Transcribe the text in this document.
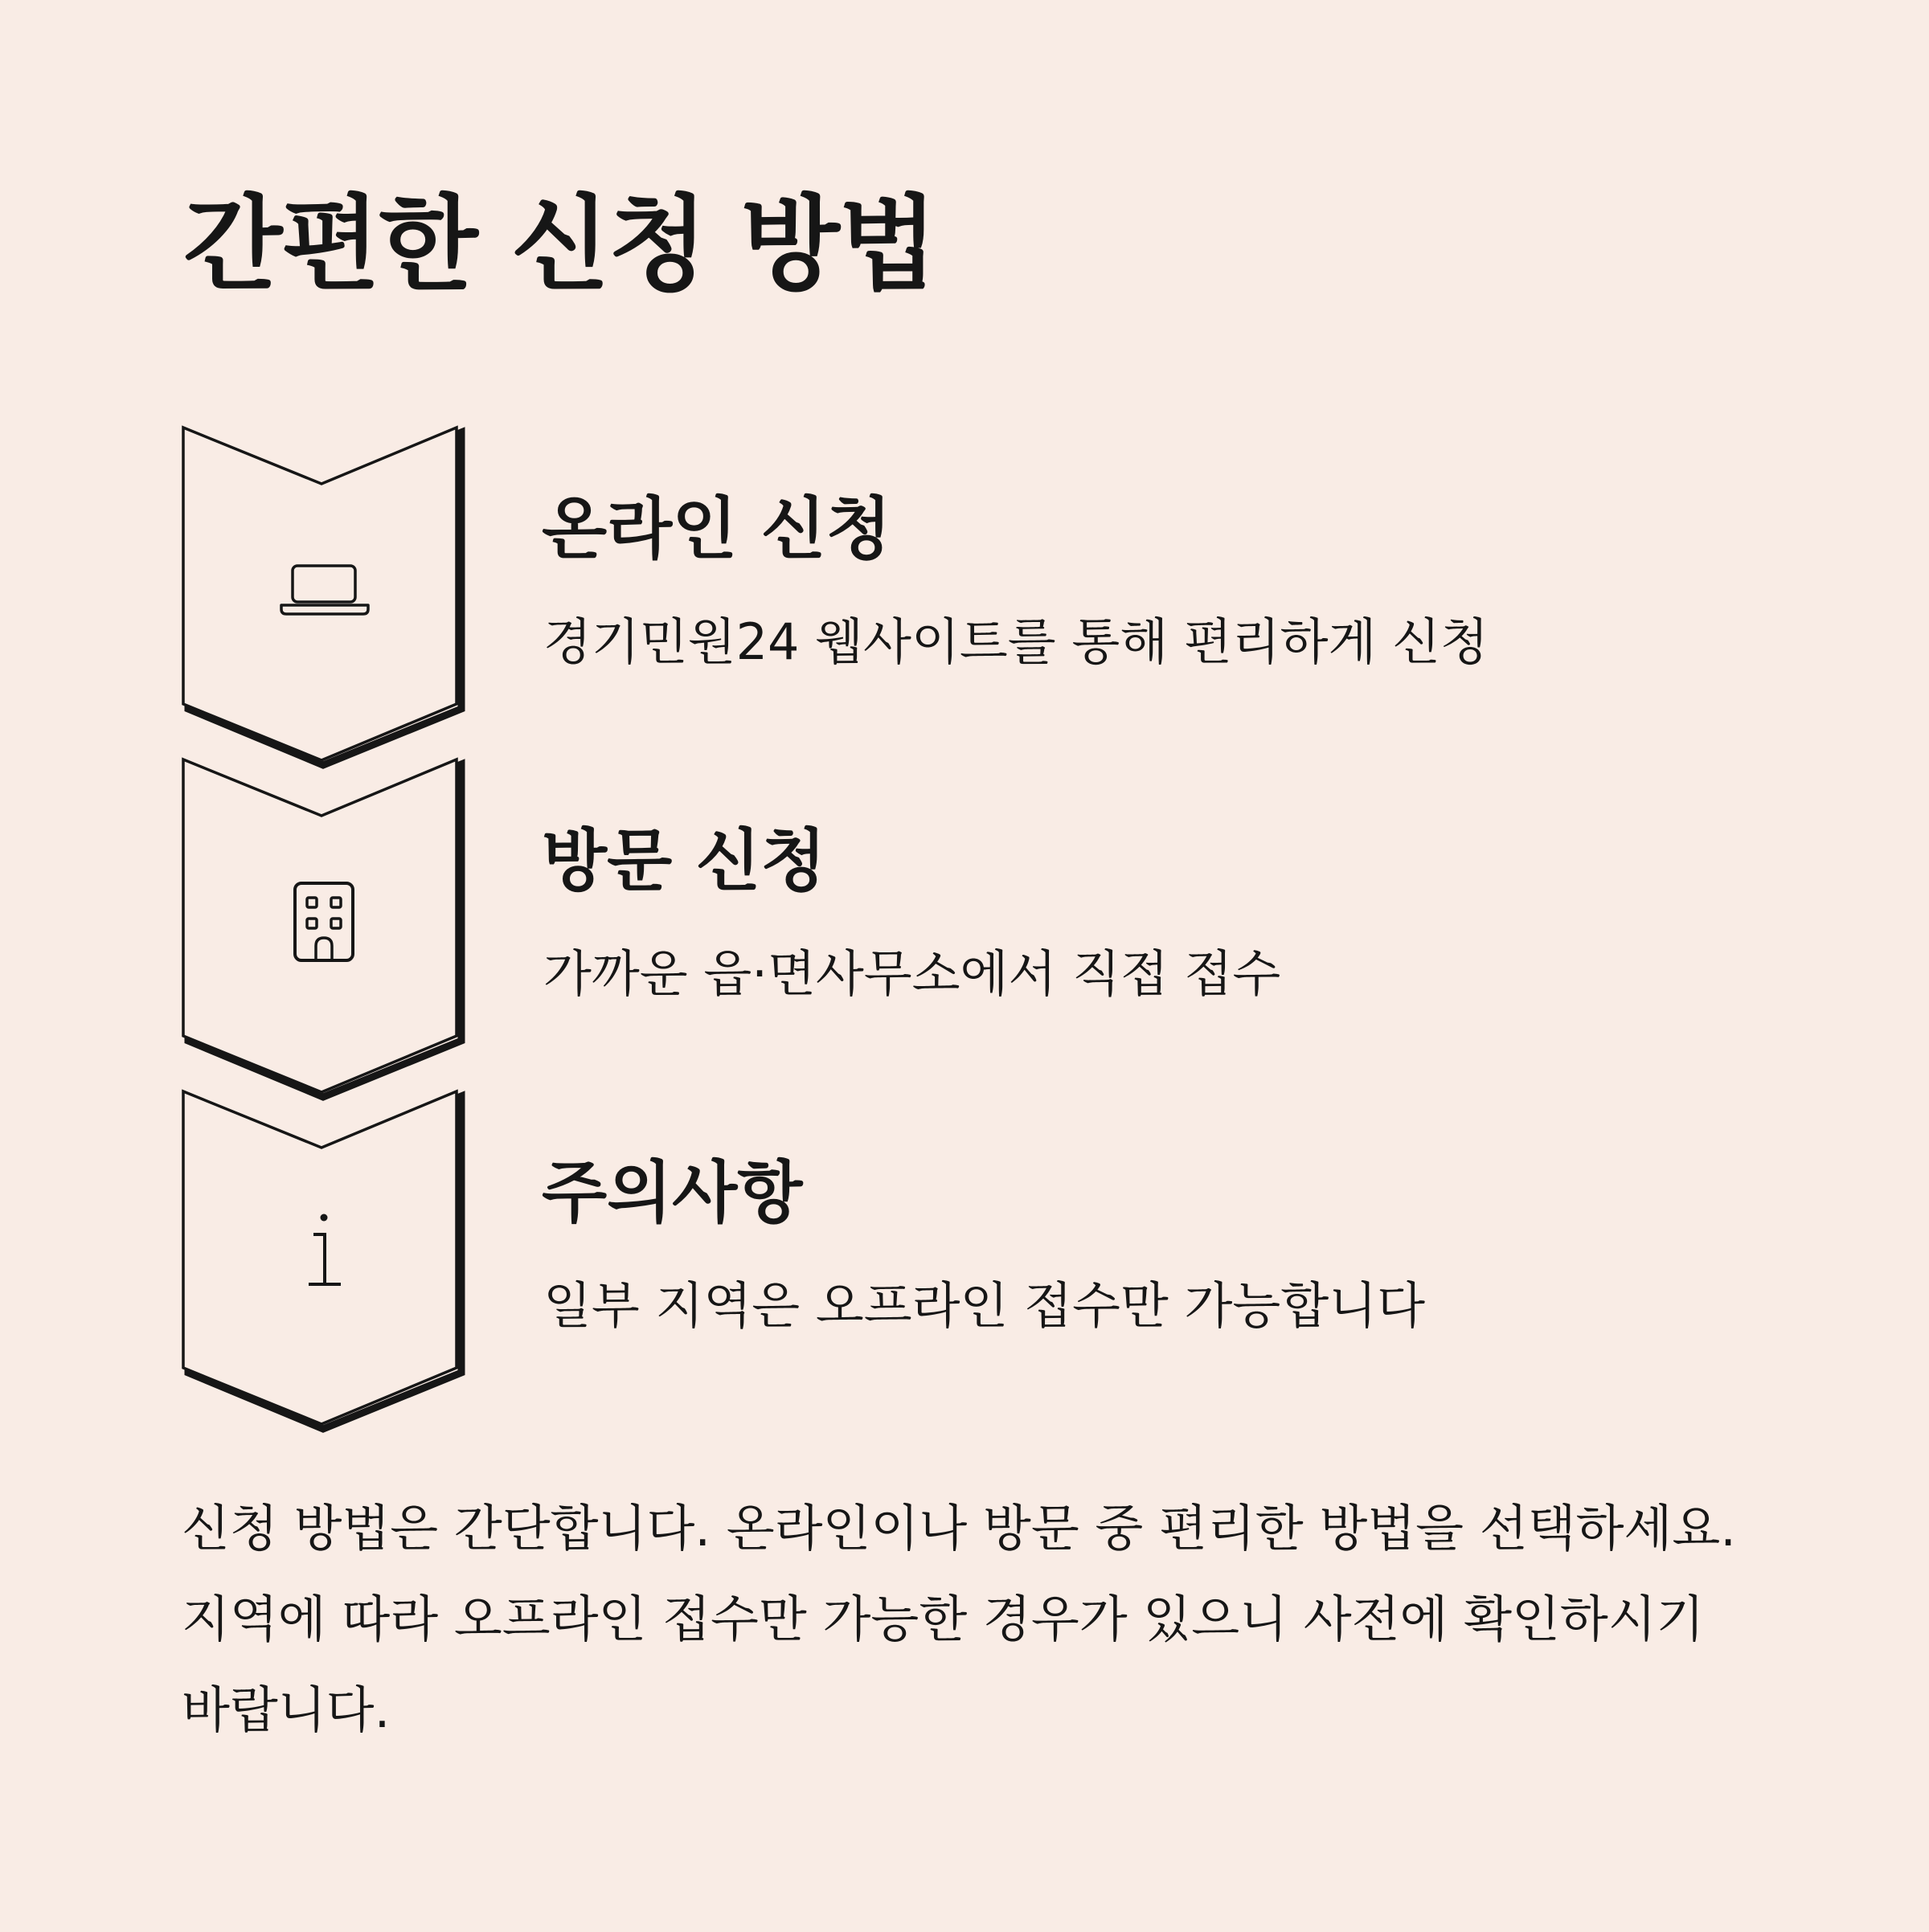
간편한 신청 방법
온라인 신청
경기민원24 웹사이트를 통해 편리하게 신청
방문 신청
가까운 읍·면사무소에서 직접 접수
주의사항
일부 지역은 오프라인 접수만 가능합니다
신청 방법은 간단합니다. 온라인이나 방문 중 편리한 방법을 선택하세요.
지역에 따라 오프라인 접수만 가능한 경우가 있으니 사전에 확인하시기
바랍니다.
